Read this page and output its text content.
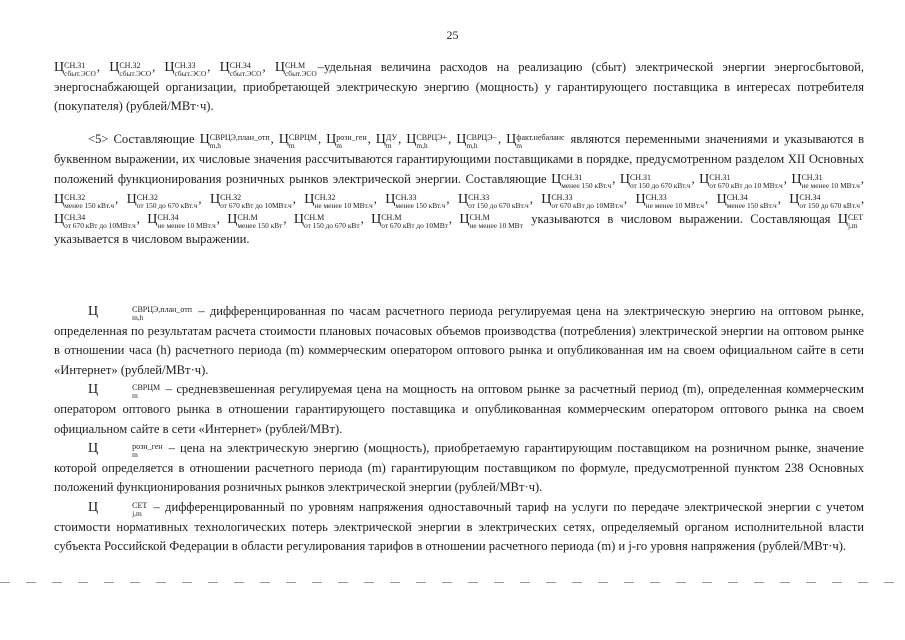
25
Ц СН.З1
сбыт.ЭСО , Ц СН.З2
сбыт.ЭСО , Ц СН.З3
сбыт.ЭСО , Ц СН.З4
сбыт.ЭСО , Ц СН.М
сбыт.ЭСО –удельная величина расходов на реализацию (сбыт) электрической энергии энергосбытовой, энергоснабжающей организации, приобретающей электрическую энергию (мощность) у гарантирующего поставщика в интересах потребителя (покупателя) (рублей/МВт·ч).
<5> Составляющие Ц СВРЦЭ,план_отп
m,h	, Ц СВРЦМ
m	, Ц розн_ген
m	, Ц ДУ
m , Ц СВРЦЭ+
m,h	, Ц СВРЦЭ−
m,h	, Ц факт.небаланс
m	являются переменными значениями и указываются в буквенном выражении, их числовые значения рассчитываются гарантирующими поставщиками в порядке, предусмотренном разделом XII Основных положений функционирования розничных рынков электрической энергии. Составляющие Ц СН.З1
менее 150 кВт.ч , Ц СН.З1
от 150 до 670 кВт.ч , Ц СН.З1
от 670 кВт до 10 МВт.ч , Ц СН.З1
не менее 10 МВт.ч , Ц СН.З2
менее 150 кВт.ч , Ц СН.З2
от 150 до 670 кВт.ч , Ц СН.З2
от 670 кВт до 10МВт.ч , Ц СН.З2
не менее 10 МВт.ч , Ц СН.З3
менее 150 кВт.ч , Ц СН.З3
от 150 до 670 кВт.ч , Ц СН.З3
от 670 кВт до 10МВт.ч , Ц СН.З3
не менее 10 МВт.ч , Ц СН.З4
менее 150 кВт.ч , Ц СН.З4
от 150 до 670 кВт.ч , Ц СН.З4
от 670 кВт до 10МВт.ч , Ц СН.З4
не менее 10 МВт.ч , Ц СН.М
менее 150 кВт , Ц СН.М
от 150 до 670 кВт , Ц СН.М
от 670 кВт до 10МВт , Ц СН.М
не менее 10 МВт указываются в числовом выражении. Составляющая Ц СЕТ
j,m
указывается в числовом выражении.
Ц	СВРЦЭ,план_отп
m,h	– дифференцированная по часам расчетного периода регулируемая цена на электрическую энергию на оптовом рынке, определенная по результатам расчета стоимости плановых почасовых объемов производства (потребления) электрической энергии на оптовом рынке в отношении часа (h) расчетного периода (m) коммерческим оператором оптового рынка и опубликованная им на своем официальном сайте в сети «Интернет» (рублей/МВт·ч).
Ц	СВРЦМ
m	– средневзвешенная регулируемая цена на мощность на оптовом рынке за расчетный период (m), определенная коммерческим оператором оптового рынка в отношении гарантирующего поставщика и опубликованная коммерческим оператором оптового рынка на своем официальном сайте в сети «Интернет» (рублей/МВт).
Ц	розн_ген
m	– цена на электрическую энергию (мощность), приобретаемую гарантирующим поставщиком на розничном рынке, значение которой определяется в отношении расчетного периода (m) гарантирующим поставщиком по формуле, предусмотренной пунктом 238 Основных положений функционирования розничных рынков электрической энергии (рублей/МВт·ч).
Ц	СЕТ
j,m – дифференцированный по уровням напряжения одноставочный тариф на услуги по передаче электрической энергии с учетом стоимости нормативных технологических потерь электрической энергии в электрических сетях, определяемый органом исполнительной власти субъекта Российской Федерации в области регулирования тарифов в отношении расчетного периода (m) и j-го уровня напряжения (рублей/МВт·ч).
